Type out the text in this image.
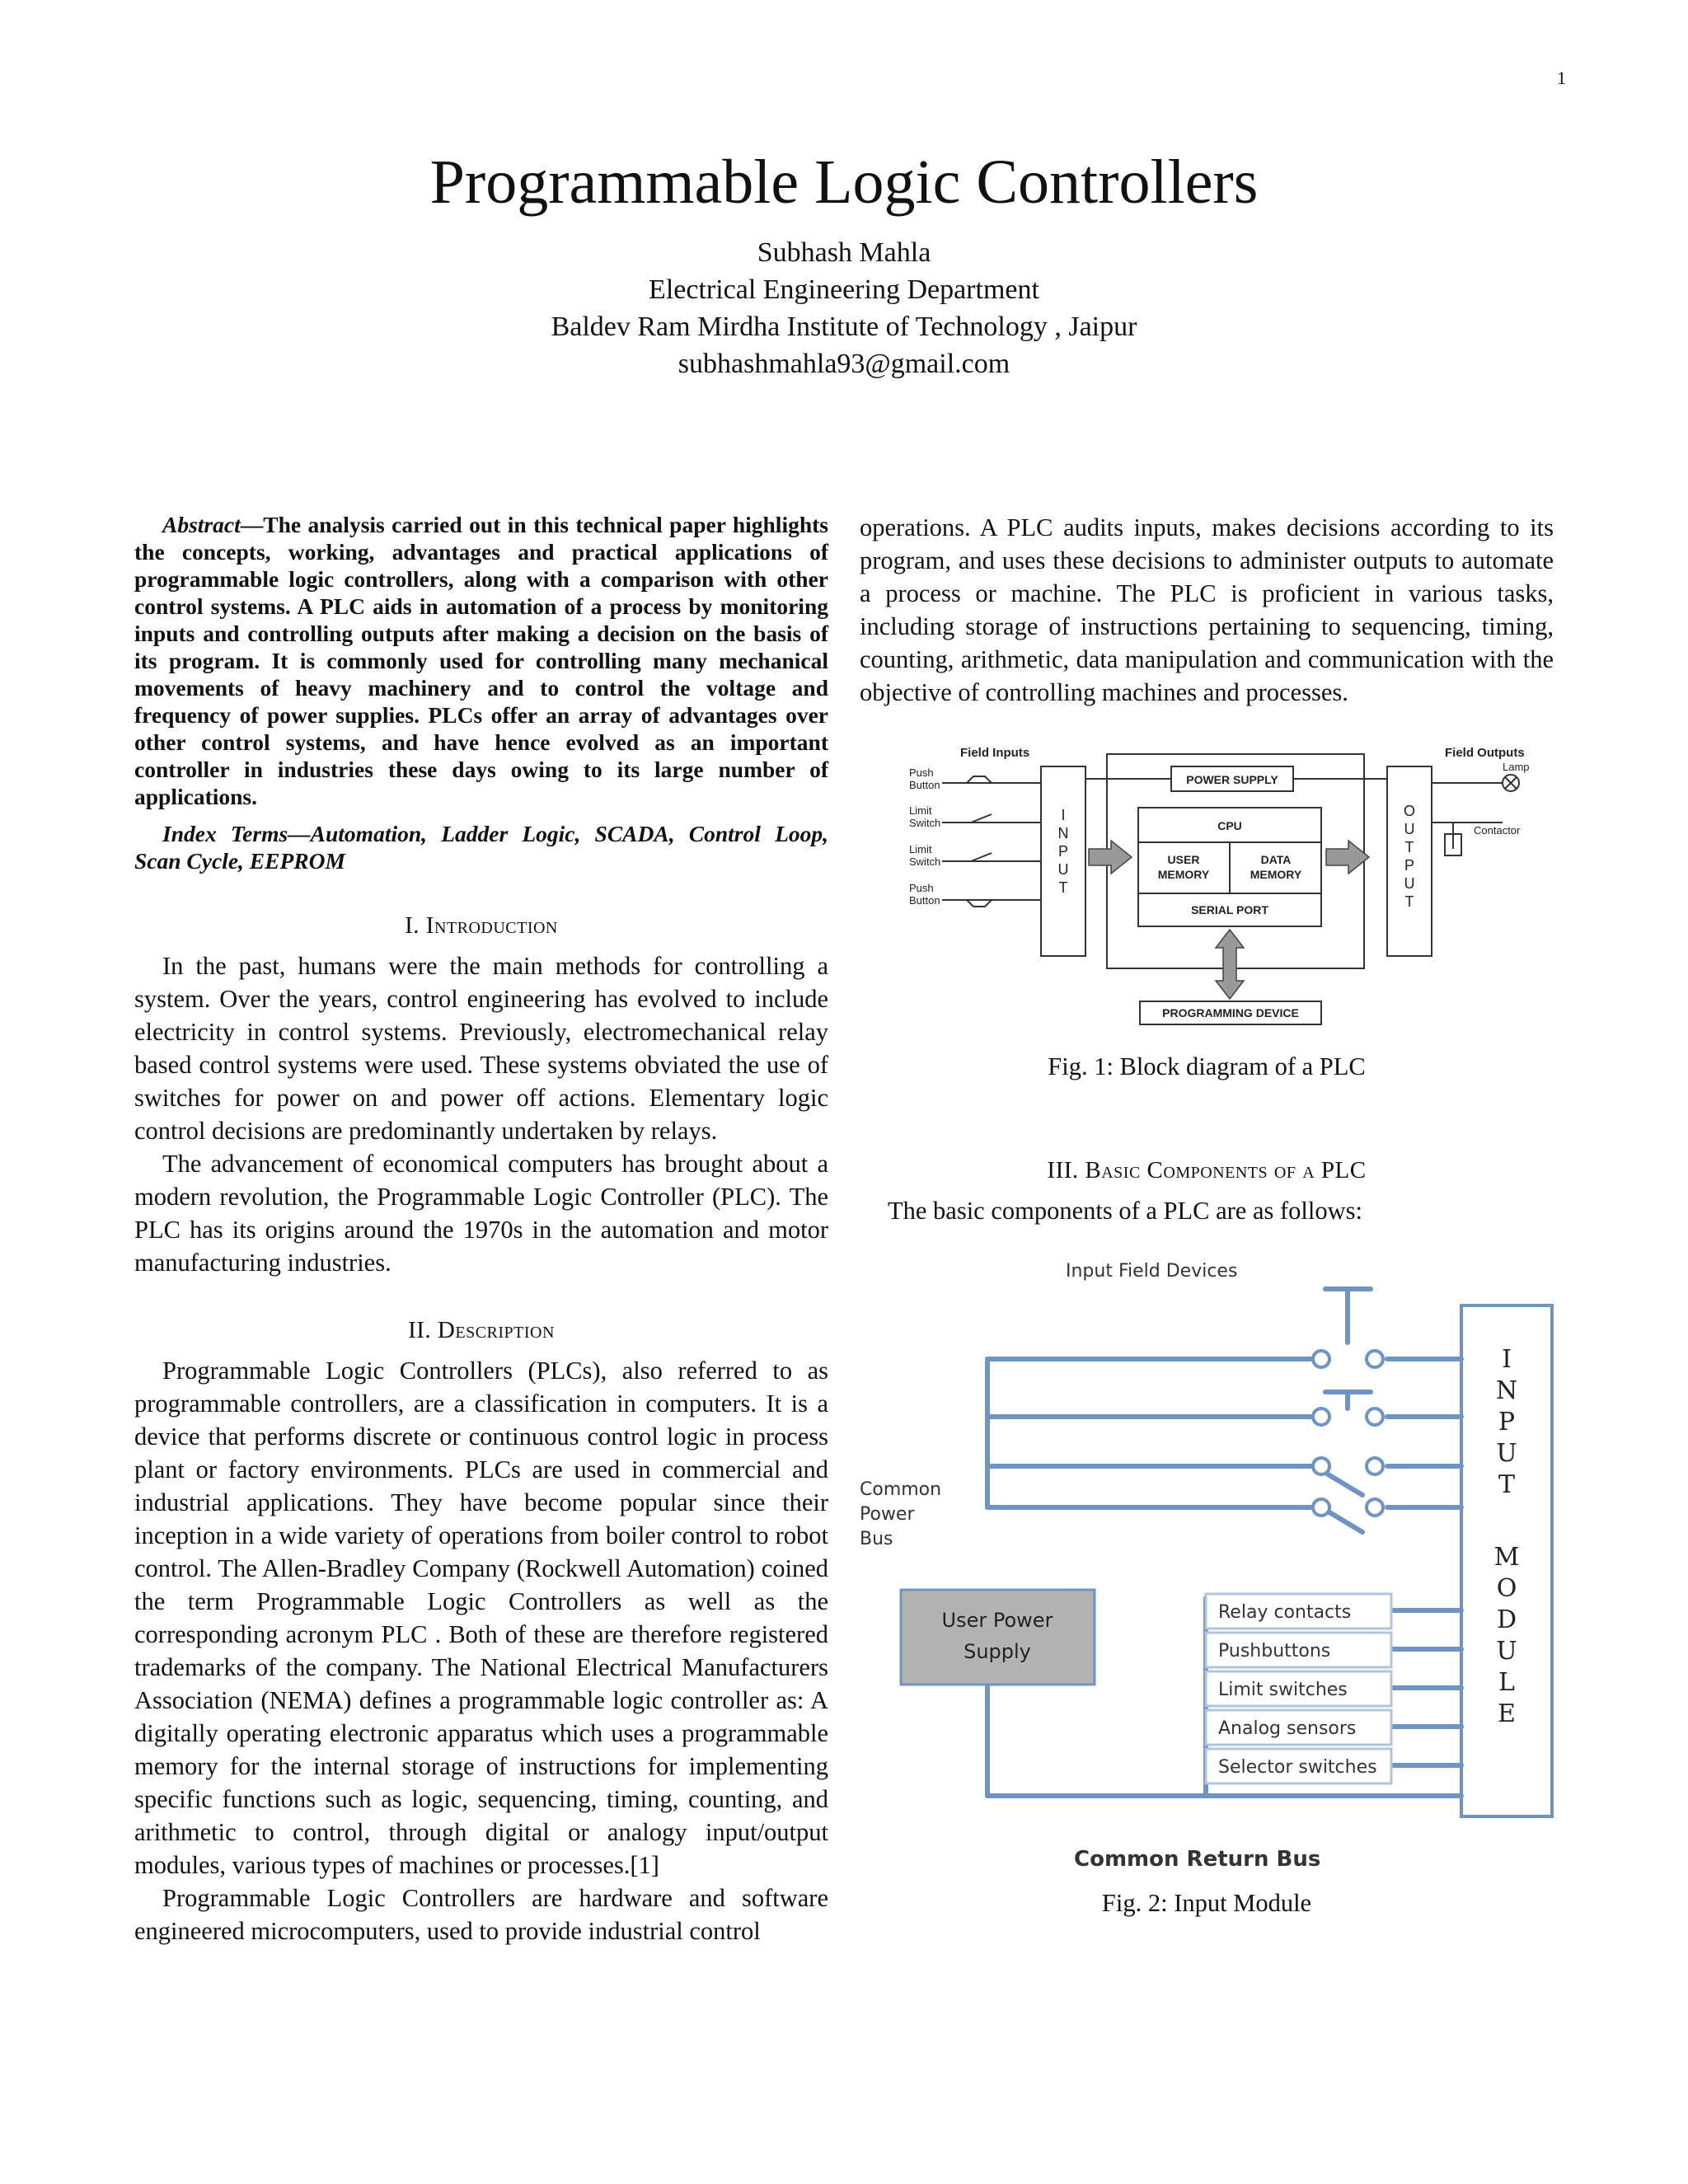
1
Programmable Logic Controllers
Subhash Mahla
Electrical Engineering Department
Baldev Ram Mirdha Institute of Technology , Jaipur
subhashmahla93@gmail.com

Abstract—The analysis carried out in this technical paper highlights the concepts, working, advantages and practical applications of programmable logic controllers, along with a comparison with other control systems. A PLC aids in automation of a process by monitoring inputs and controlling outputs after making a decision on the basis of its program. It is commonly used for controlling many mechanical movements of heavy machinery and to control the voltage and frequency of power supplies. PLCs offer an array of advantages over other control systems, and have hence evolved as an important controller in industries these days owing to its large number of applications.

Index Terms—Automation, Ladder Logic, SCADA, Control Loop, Scan Cycle, EEPROM

I. Introduction

In the past, humans were the main methods for controlling a system. Over the years, control engineering has evolved to include electricity in control systems. Previously, electromechanical relay based control systems were used. These systems obviated the use of switches for power on and power off actions. Elementary logic control decisions are predominantly undertaken by relays.

The advancement of economical computers has brought about a modern revolution, the Programmable Logic Controller (PLC). The PLC has its origins around the 1970s in the automation and motor manufacturing industries.

II. Description

Programmable Logic Controllers (PLCs), also referred to as programmable controllers, are a classification in computers. It is a device that performs discrete or continuous control logic in process plant or factory environments. PLCs are used in commercial and industrial applications. They have become popular since their inception in a wide variety of operations from boiler control to robot control. The Allen-Bradley Company (Rockwell Automation) coined the term Programmable Logic Controllers as well as the corresponding acronym PLC . Both of these are therefore registered trademarks of the company. The National Electrical Manufacturers Association (NEMA) defines a programmable logic controller as: A digitally operating electronic apparatus which uses a programmable memory for the internal storage of instructions for implementing specific functions such as logic, sequencing, timing, counting, and arithmetic to control, through digital or analogy input/output modules, various types of machines or processes.[1]

Programmable Logic Controllers are hardware and software engineered microcomputers, used to provide industrial control

operations. A PLC audits inputs, makes decisions according to its program, and uses these decisions to administer outputs to automate a process or machine. The PLC is proficient in various tasks, including storage of instructions pertaining to sequencing, timing, counting, arithmetic, data manipulation and communication with the objective of controlling machines and processes.

Field Inputs	Field Outputs
Push
Button
Limit
Switch
Limit
Switch
Push
Button
I
N
P
U
T
O
U
T
P
U
T
POWER SUPPLY
CPU
USER
MEMORY
DATA
MEMORY
SERIAL PORT
PROGRAMMING DEVICE
Lamp
Contactor
Fig. 1: Block diagram of a PLC
III. Basic Components of a PLC

The basic components of a PLC are as follows:

Input Field Devices
Common
Power
Bus
User Power
Supply
Relay contacts
Pushbuttons
Limit switches
Analog sensors
Selector switches
I
N
P
U
T
M
O
D
U
L
E
Common Return Bus
Fig. 2: Input Module
